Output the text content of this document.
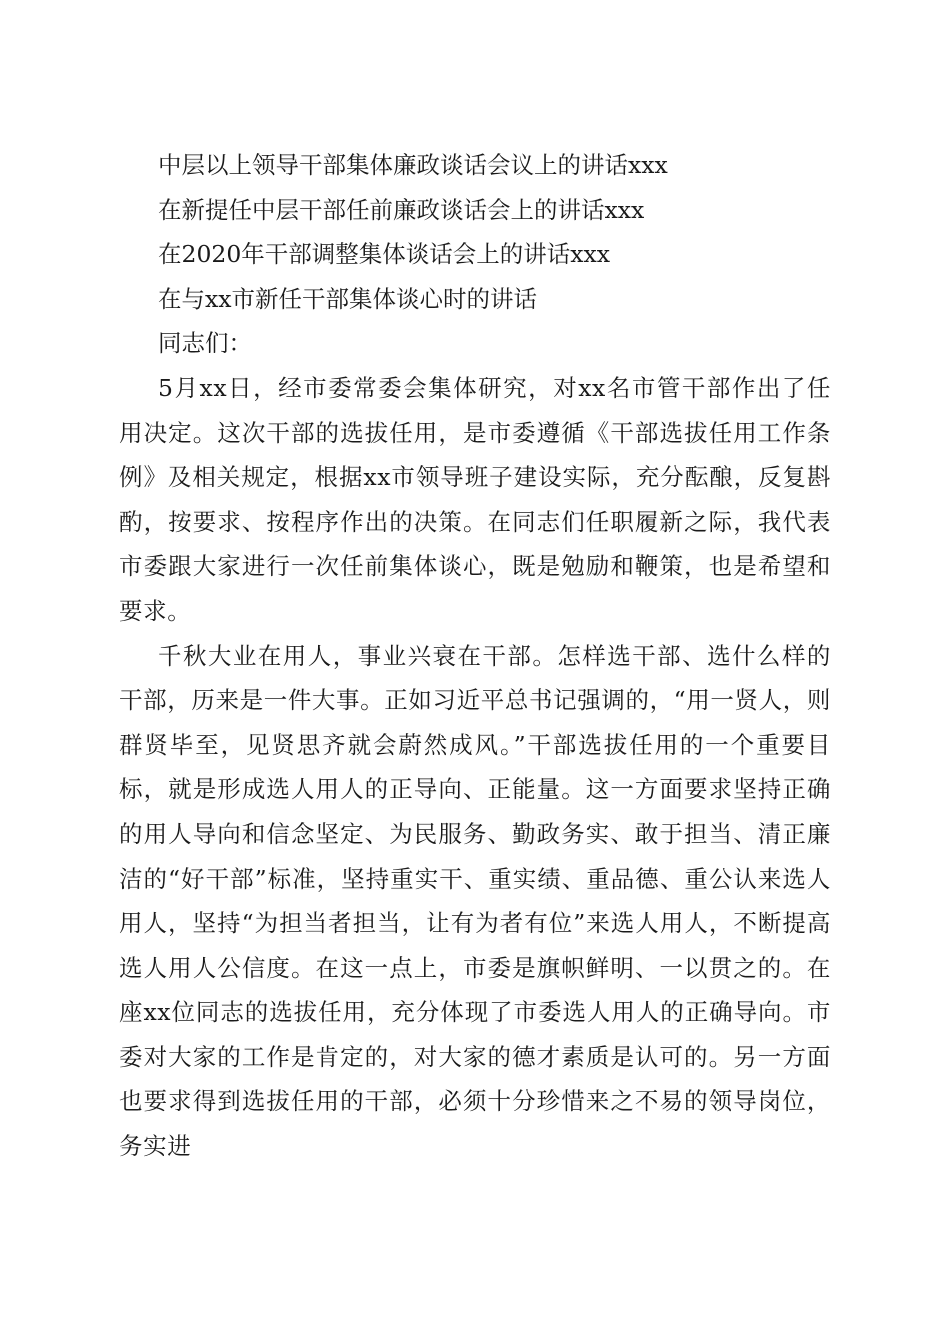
中层以上领导干部集体廉政谈话会议上的讲话xxx
在新提任中层干部任前廉政谈话会上的讲话xxx
在2020年干部调整集体谈话会上的讲话xxx
在与xx市新任干部集体谈心时的讲话
同志们：

5月xx日，经市委常委会集体研究，对xx名市管干部作出了任用决定。这次干部的选拔任用，是市委遵循《干部选拔任用工作条例》及相关规定，根据xx市领导班子建设实际，充分酝酿，反复斟酌，按要求、按程序作出的决策。在同志们任职履新之际，我代表市委跟大家进行一次任前集体谈心，既是勉励和鞭策，也是希望和要求。

千秋大业在用人，事业兴衰在干部。怎样选干部、选什么样的干部，历来是一件大事。正如习近平总书记强调的，“用一贤人，则群贤毕至，见贤思齐就会蔚然成风。”干部选拔任用的一个重要目标，就是形成选人用人的正导向、正能量。这一方面要求坚持正确的用人导向和信念坚定、为民服务、勤政务实、敢于担当、清正廉洁的“好干部”标准，坚持重实干、重实绩、重品德、重公认来选人用人，坚持“为担当者担当，让有为者有位”来选人用人，不断提高选人用人公信度。在这一点上，市委是旗帜鲜明、一以贯之的。在座xx位同志的选拔任用，充分体现了市委选人用人的正确导向。市委对大家的工作是肯定的，对大家的德才素质是认可的。另一方面也要求得到选拔任用的干部，必须十分珍惜来之不易的领导岗位，务实进
